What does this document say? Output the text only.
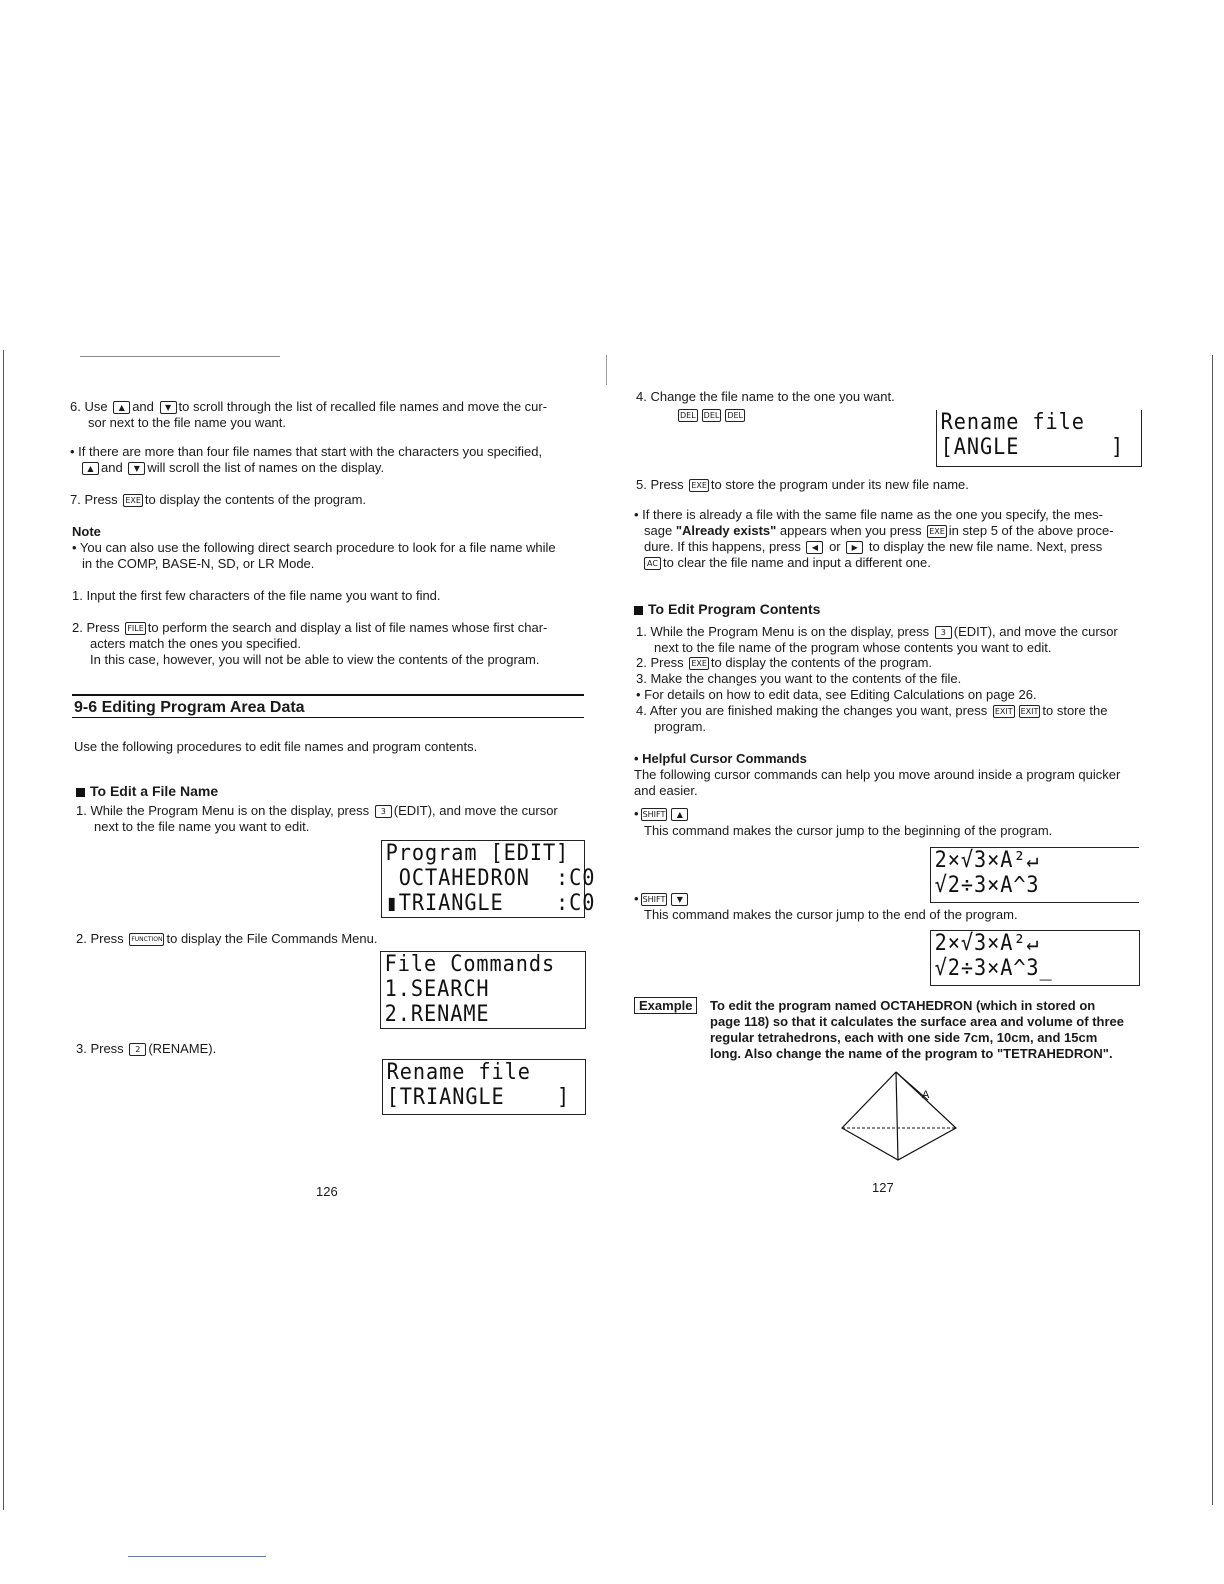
6. Use ▲ and ▼ to scroll through the list of recalled file names and move the cur-
sor next to the file name you want.
• If there are more than four file names that start with the characters you specified,
▲ and ▼ will scroll the list of names on the display.
7. Press EXE to display the contents of the program.
Note
• You can also use the following direct search procedure to look for a file name while
in the COMP, BASE-N, SD, or LR Mode.
1. Input the first few characters of the file name you want to find.
2. Press FILE to perform the search and display a list of file names whose first char-
acters match the ones you specified.
In this case, however, you will not be able to view the contents of the program.
9-6 Editing Program Area Data
Use the following procedures to edit file names and program contents.
To Edit a File Name
1. While the Program Menu is on the display, press 3 (EDIT), and move the cursor
next to the file name you want to edit.
Program [EDIT]
OCTAHEDRON  :C0
▮TRIANGLE    :C0
2. Press FUNCTION to display the File Commands Menu.
File Commands
1.SEARCH
2.RENAME
3. Press 2 (RENAME).
Rename file
[TRIANGLE    ]
126
4. Change the file name to the one you want.
DEL DEL DEL	Rename file
[ANGLE       ]
5. Press EXE to store the program under its new file name.
• If there is already a file with the same file name as the one you specify, the mes-
sage "Already exists" appears when you press EXE in step 5 of the above proce-
dure. If this happens, press ◀ or ▶ to display the new file name. Next, press
AC to clear the file name and input a different one.
To Edit Program Contents
1. While the Program Menu is on the display, press 3 (EDIT), and move the cursor
next to the file name of the program whose contents you want to edit.
2. Press EXE to display the contents of the program.
3. Make the changes you want to the contents of the file.
• For details on how to edit data, see Editing Calculations on page 26.
4. After you are finished making the changes you want, press EXIT EXIT to store the
program.
• Helpful Cursor Commands
The following cursor commands can help you move around inside a program quicker
and easier.
• SHIFT ▲
This command makes the cursor jump to the beginning of the program.
2×√3×A²↵
√2÷3×A^3
• SHIFT ▼
This command makes the cursor jump to the end of the program.
2×√3×A²↵
√2÷3×A^3_
Example	To edit the program named OCTAHEDRON (which in stored on
page 118) so that it calculates the surface area and volume of three
regular tetrahedrons, each with one side 7cm, 10cm, and 15cm
long. Also change the name of the program to "TETRAHEDRON".
A
127
